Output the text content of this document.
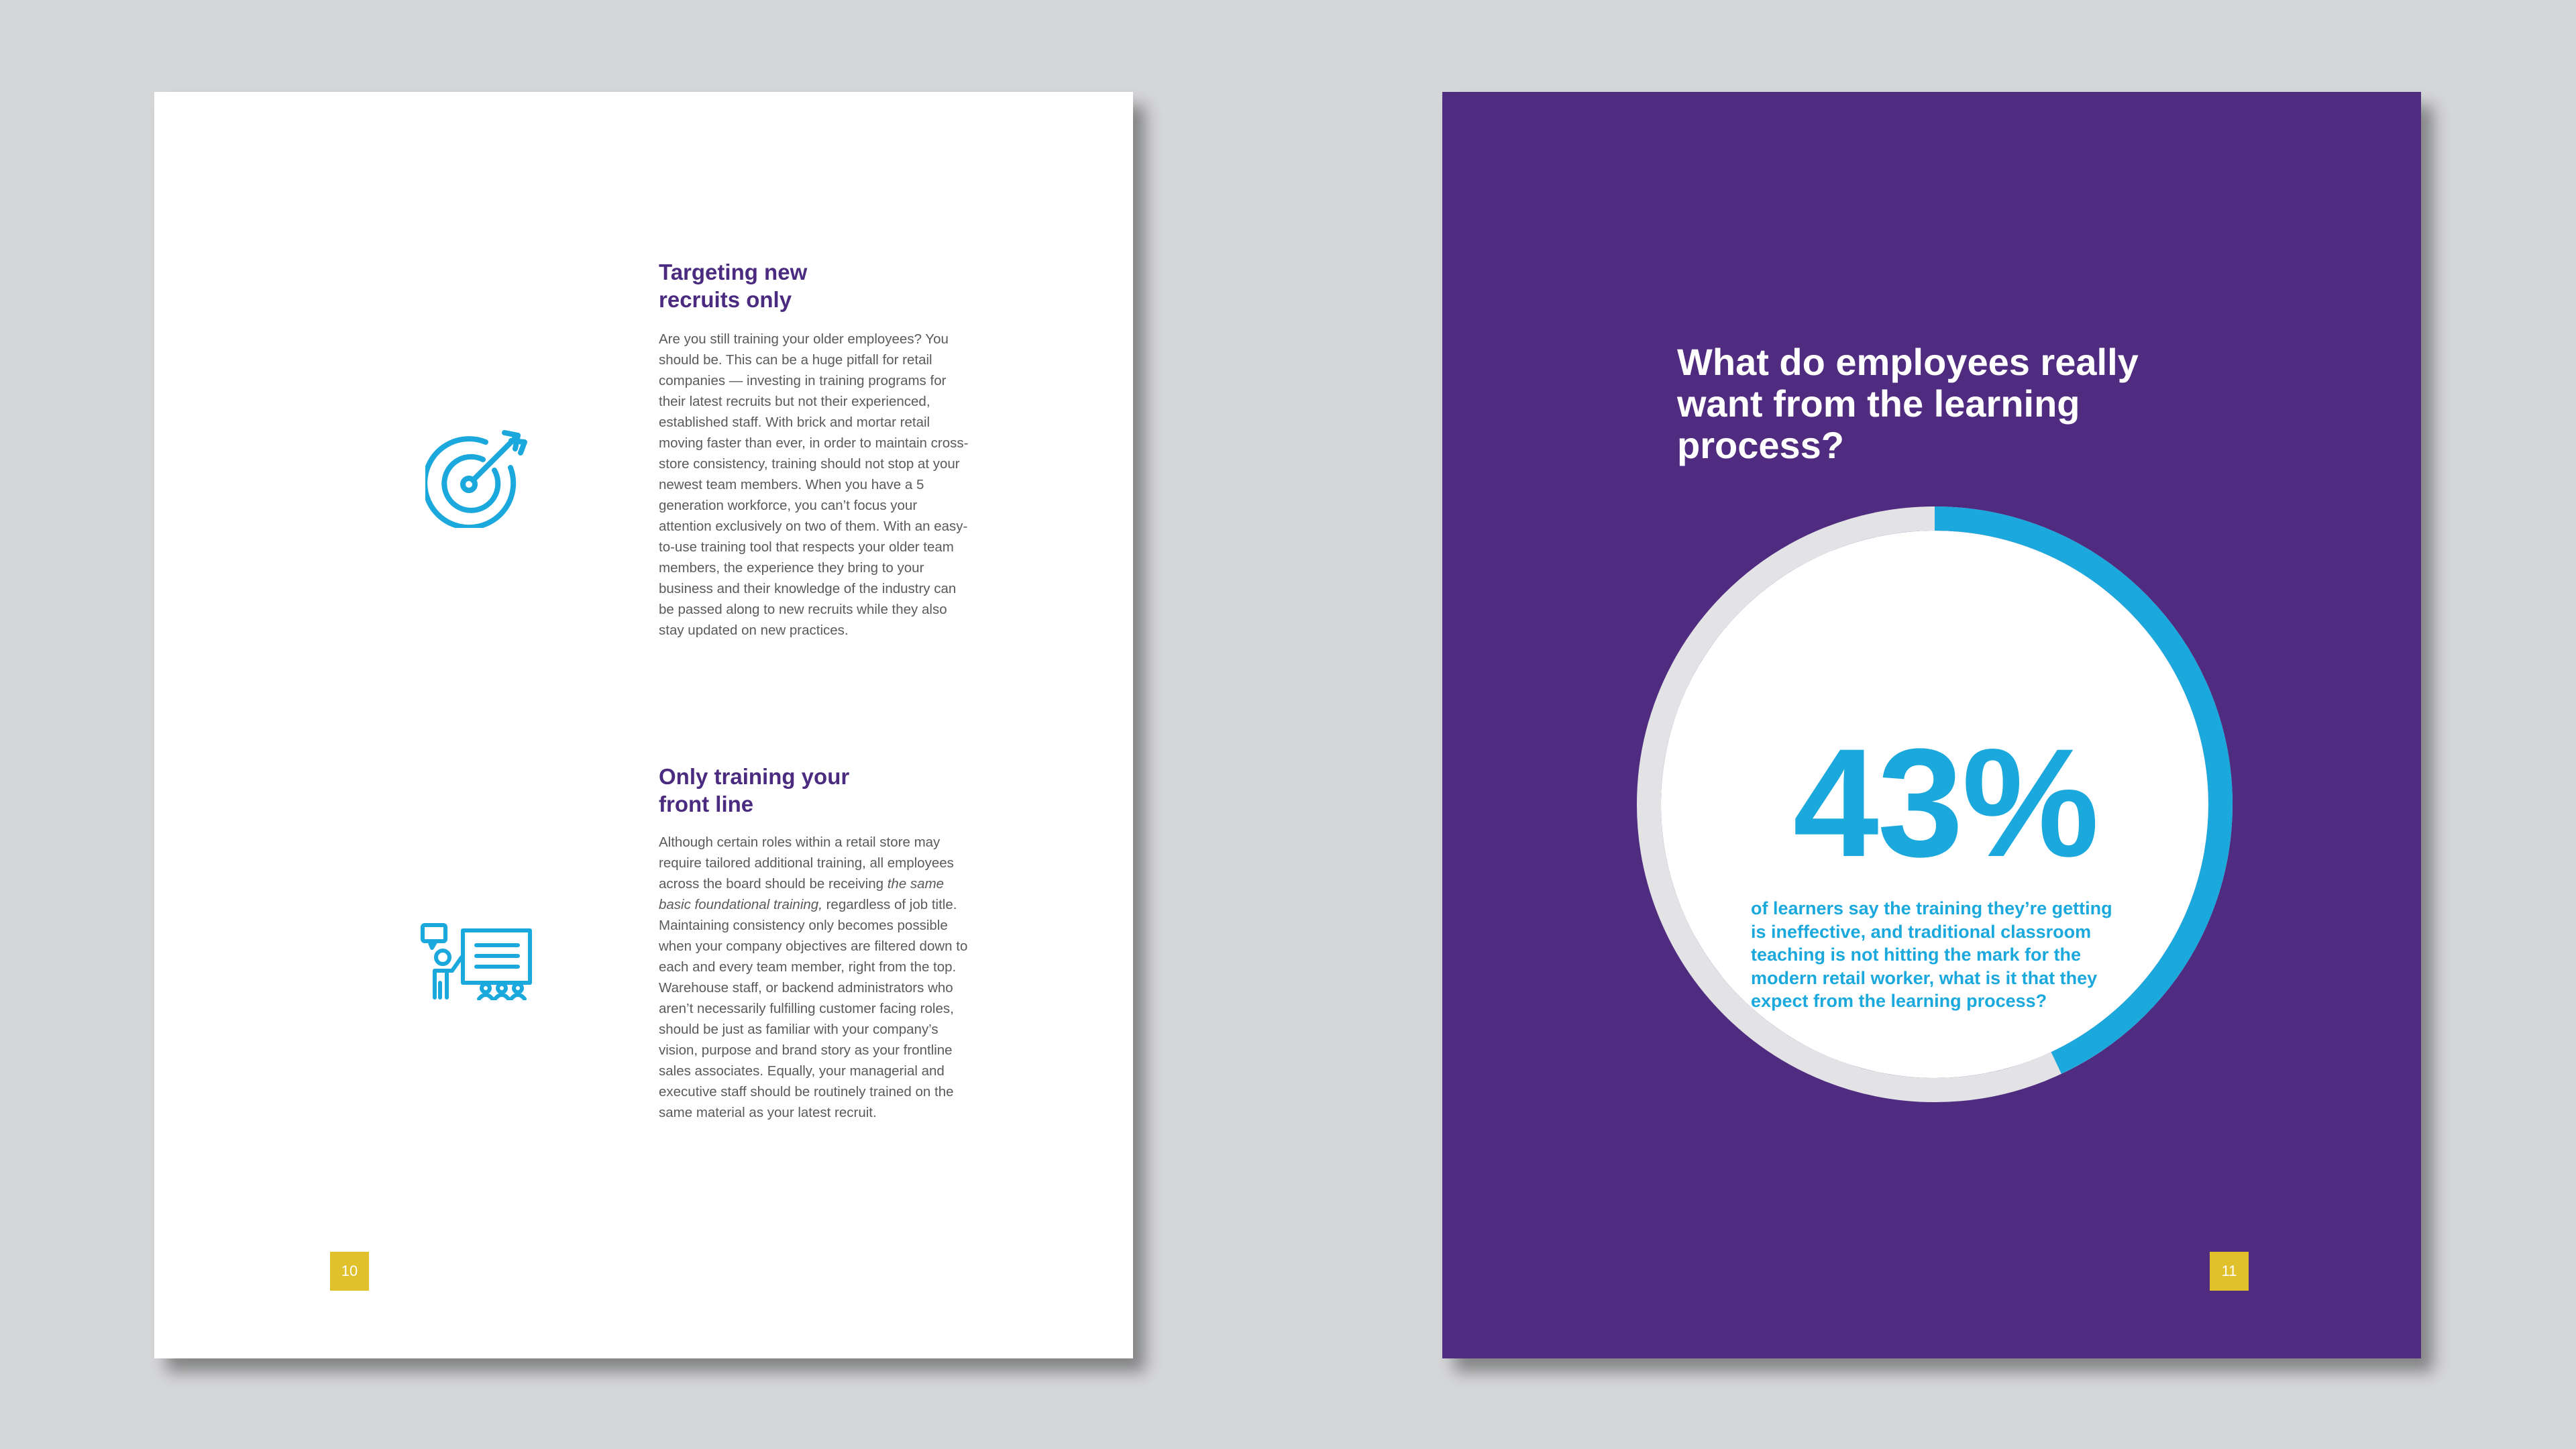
Targeting new
recruits only

Are you still training your older employees? You should be. This can be a huge pitfall for retail companies — investing in training programs for their latest recruits but not their experienced, established staff. With brick and mortar retail moving faster than ever, in order to maintain cross-store consistency, training should not stop at your newest team members. When you have a 5 generation workforce, you can’t focus your attention exclusively on two of them. With an easy-to-use training tool that respects your older team members, the experience they bring to your business and their knowledge of the industry can be passed along to new recruits while they also stay updated on new practices.

Only training your
front line

Although certain roles within a retail store may require tailored additional training, all employees across the board should be receiving the same basic foundational training, regardless of job title. Maintaining consistency only becomes possible when your company objectives are filtered down to each and every team member, right from the top. Warehouse staff, or backend administrators who aren’t necessarily fulfilling customer facing roles, should be just as familiar with your company’s vision, purpose and brand story as your frontline sales associates. Equally, your managerial and executive staff should be routinely trained on the same material as your latest recruit.

10
What do employees really
want from the learning
process?
43%

of learners say the training they’re getting is ineffective, and traditional classroom teaching is not hitting the mark for the modern retail worker, what is it that they expect from the learning process?

11
